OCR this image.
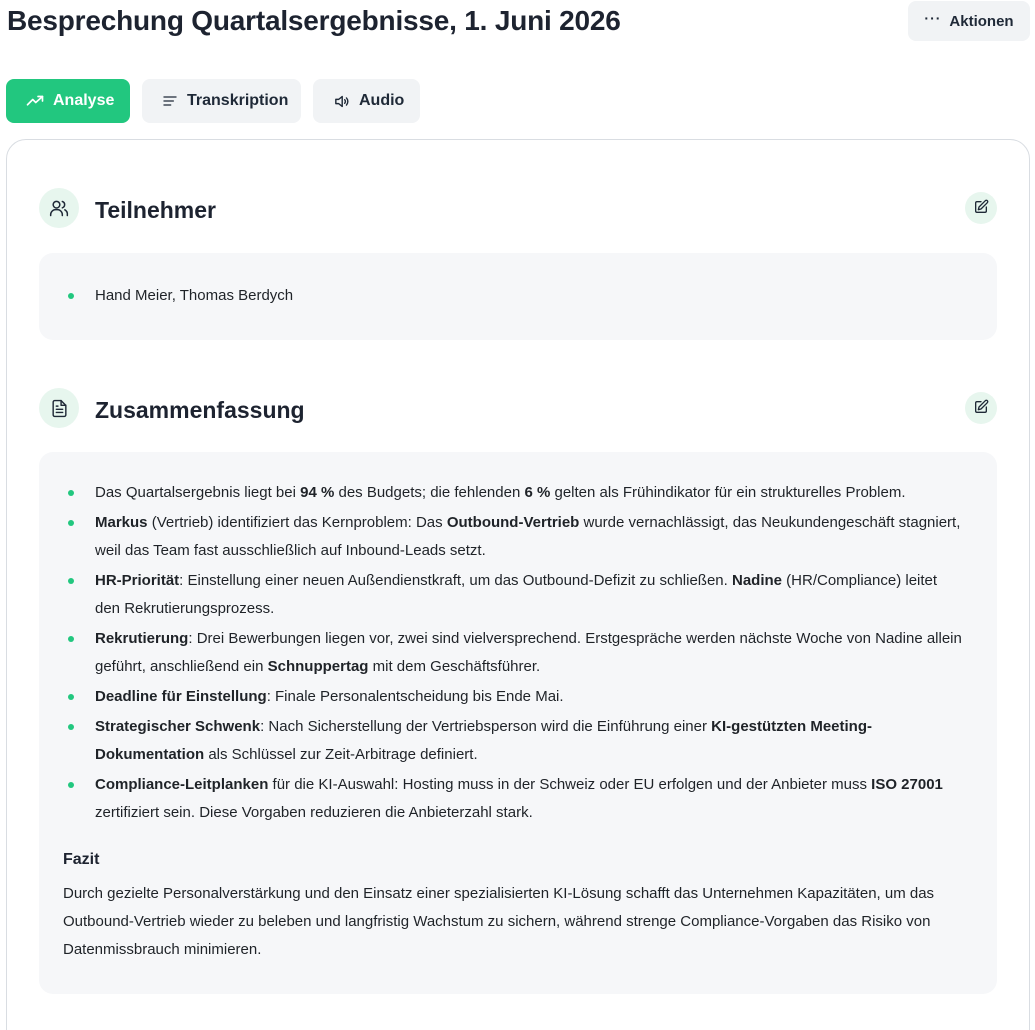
Besprechung Quartalsergebnisse, 1. Juni 2026	··· Aktionen
Analyse	Transkription	Audio
Teilnehmer
Hand Meier, Thomas Berdych
Zusammenfassung
Das Quartalsergebnis liegt bei 94 % des Budgets; die fehlenden 6 % gelten als Frühindikator für ein strukturelles Problem.
Markus (Vertrieb) identifiziert das Kernproblem: Das Outbound-Vertrieb wurde vernachlässigt, das Neukundengeschäft stagniert, weil das Team fast ausschließlich auf Inbound-Leads setzt.
HR-Priorität: Einstellung einer neuen Außendienstkraft, um das Outbound-Defizit zu schließen. Nadine (HR/Compliance) leitet den Rekrutierungsprozess.
Rekrutierung: Drei Bewerbungen liegen vor, zwei sind vielversprechend. Erstgespräche werden nächste Woche von Nadine allein geführt, anschließend ein Schnuppertag mit dem Geschäftsführer.
Deadline für Einstellung: Finale Personalentscheidung bis Ende Mai.
Strategischer Schwenk: Nach Sicherstellung der Vertriebsperson wird die Einführung einer KI-gestützten Meeting-Dokumentation als Schlüssel zur Zeit-Arbitrage definiert.
Compliance-Leitplanken für die KI-Auswahl: Hosting muss in der Schweiz oder EU erfolgen und der Anbieter muss ISO 27001 zertifiziert sein. Diese Vorgaben reduzieren die Anbieterzahl stark.
Fazit

Durch gezielte Personalverstärkung und den Einsatz einer spezialisierten KI-Lösung schafft das Unternehmen Kapazitäten, um das Outbound-Vertrieb wieder zu beleben und langfristig Wachstum zu sichern, während strenge Compliance-Vorgaben das Risiko von Datenmissbrauch minimieren.
